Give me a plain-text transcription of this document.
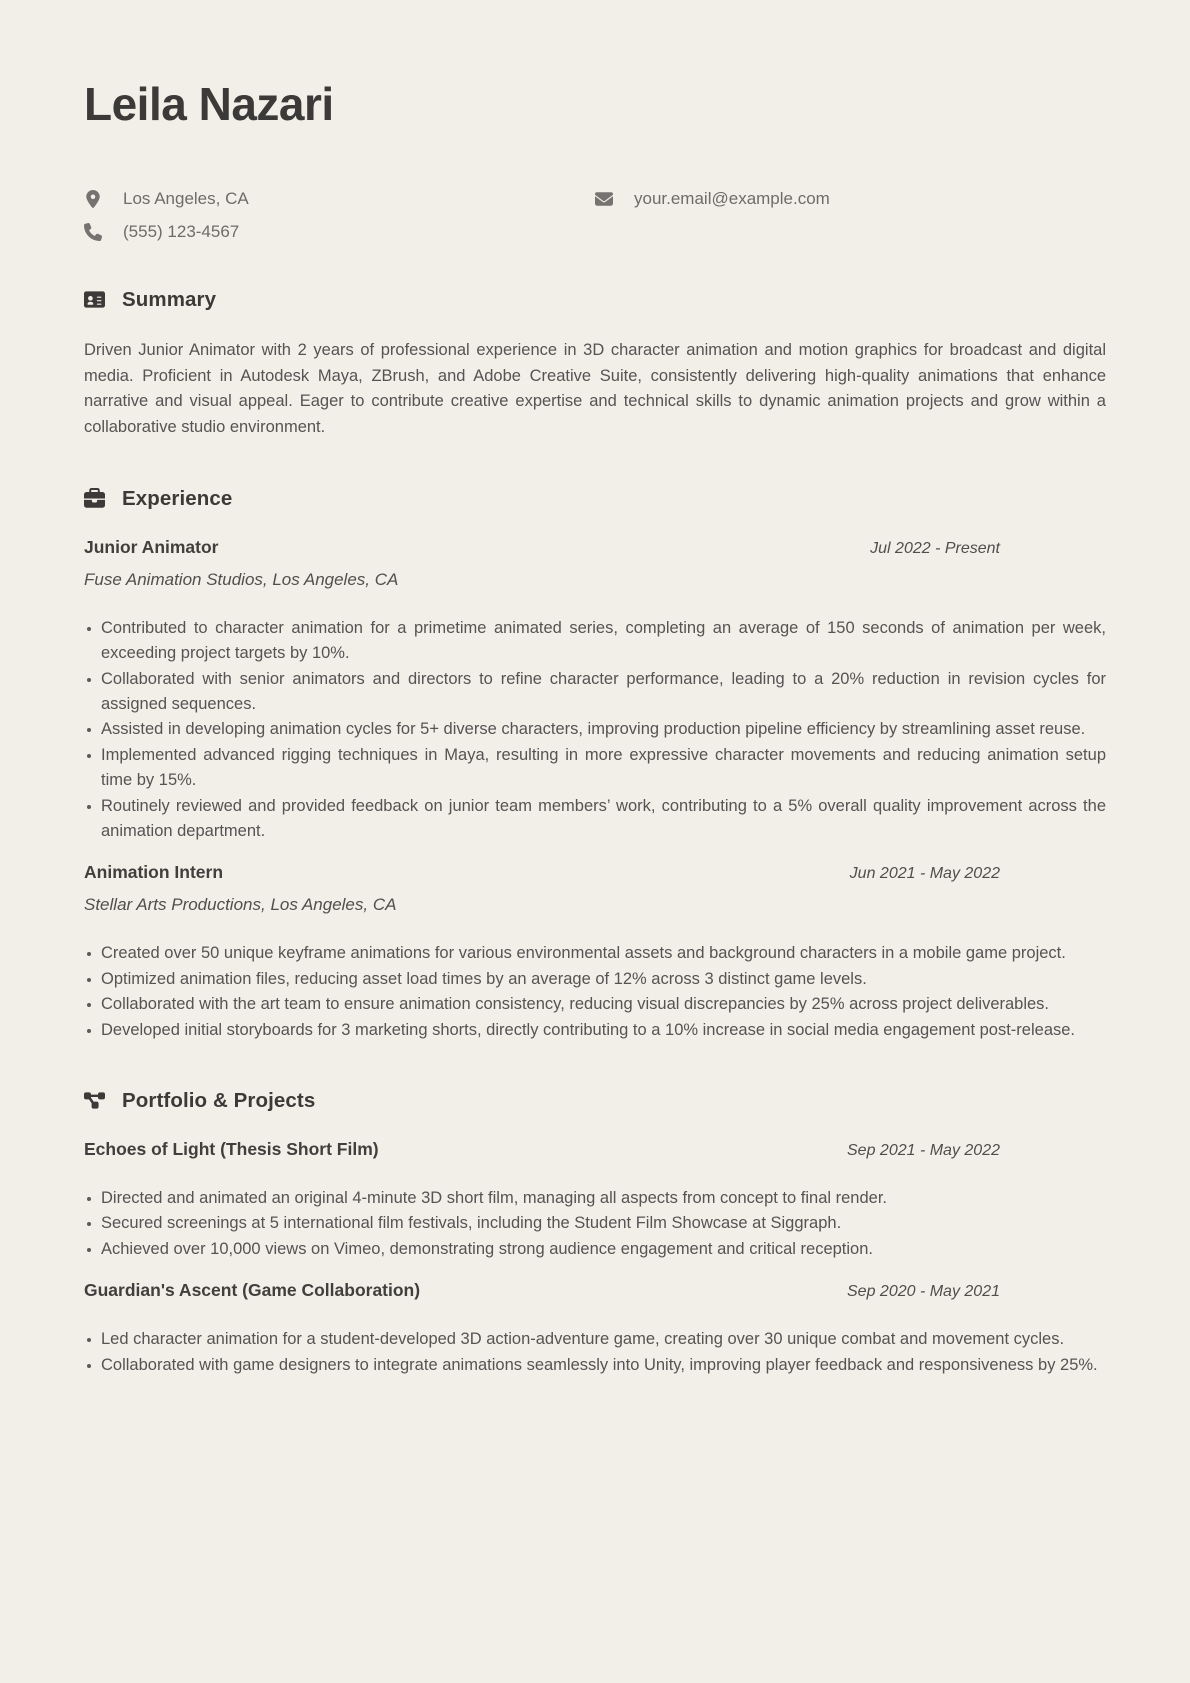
Leila Nazari
Los Angeles, CA	your.email@example.com
(555) 123-4567
Summary

Driven Junior Animator with 2 years of professional experience in 3D character animation and motion graphics for broadcast and digital media. Proficient in Autodesk Maya, ZBrush, and Adobe Creative Suite, consistently delivering high-quality animations that enhance narrative and visual appeal. Eager to contribute creative expertise and technical skills to dynamic animation projects and grow within a collaborative studio environment.

Experience
Junior Animator	Jul 2022 - Present
Fuse Animation Studios, Los Angeles, CA
Contributed to character animation for a primetime animated series, completing an average of 150 seconds of animation per week, exceeding project targets by 10%.
Collaborated with senior animators and directors to refine character performance, leading to a 20% reduction in revision cycles for assigned sequences.
Assisted in developing animation cycles for 5+ diverse characters, improving production pipeline efficiency by streamlining asset reuse.
Implemented advanced rigging techniques in Maya, resulting in more expressive character movements and reducing animation setup time by 15%.
Routinely reviewed and provided feedback on junior team members’ work, contributing to a 5% overall quality improvement across the animation department.
Animation Intern	Jun 2021 - May 2022
Stellar Arts Productions, Los Angeles, CA
Created over 50 unique keyframe animations for various environmental assets and background characters in a mobile game project.
Optimized animation files, reducing asset load times by an average of 12% across 3 distinct game levels.
Collaborated with the art team to ensure animation consistency, reducing visual discrepancies by 25% across project deliverables.
Developed initial storyboards for 3 marketing shorts, directly contributing to a 10% increase in social media engagement post-release.
Portfolio & Projects
Echoes of Light (Thesis Short Film)	Sep 2021 - May 2022
Directed and animated an original 4-minute 3D short film, managing all aspects from concept to final render.
Secured screenings at 5 international film festivals, including the Student Film Showcase at Siggraph.
Achieved over 10,000 views on Vimeo, demonstrating strong audience engagement and critical reception.
Guardian's Ascent (Game Collaboration)	Sep 2020 - May 2021
Led character animation for a student-developed 3D action-adventure game, creating over 30 unique combat and movement cycles.
Collaborated with game designers to integrate animations seamlessly into Unity, improving player feedback and responsiveness by 25%.
